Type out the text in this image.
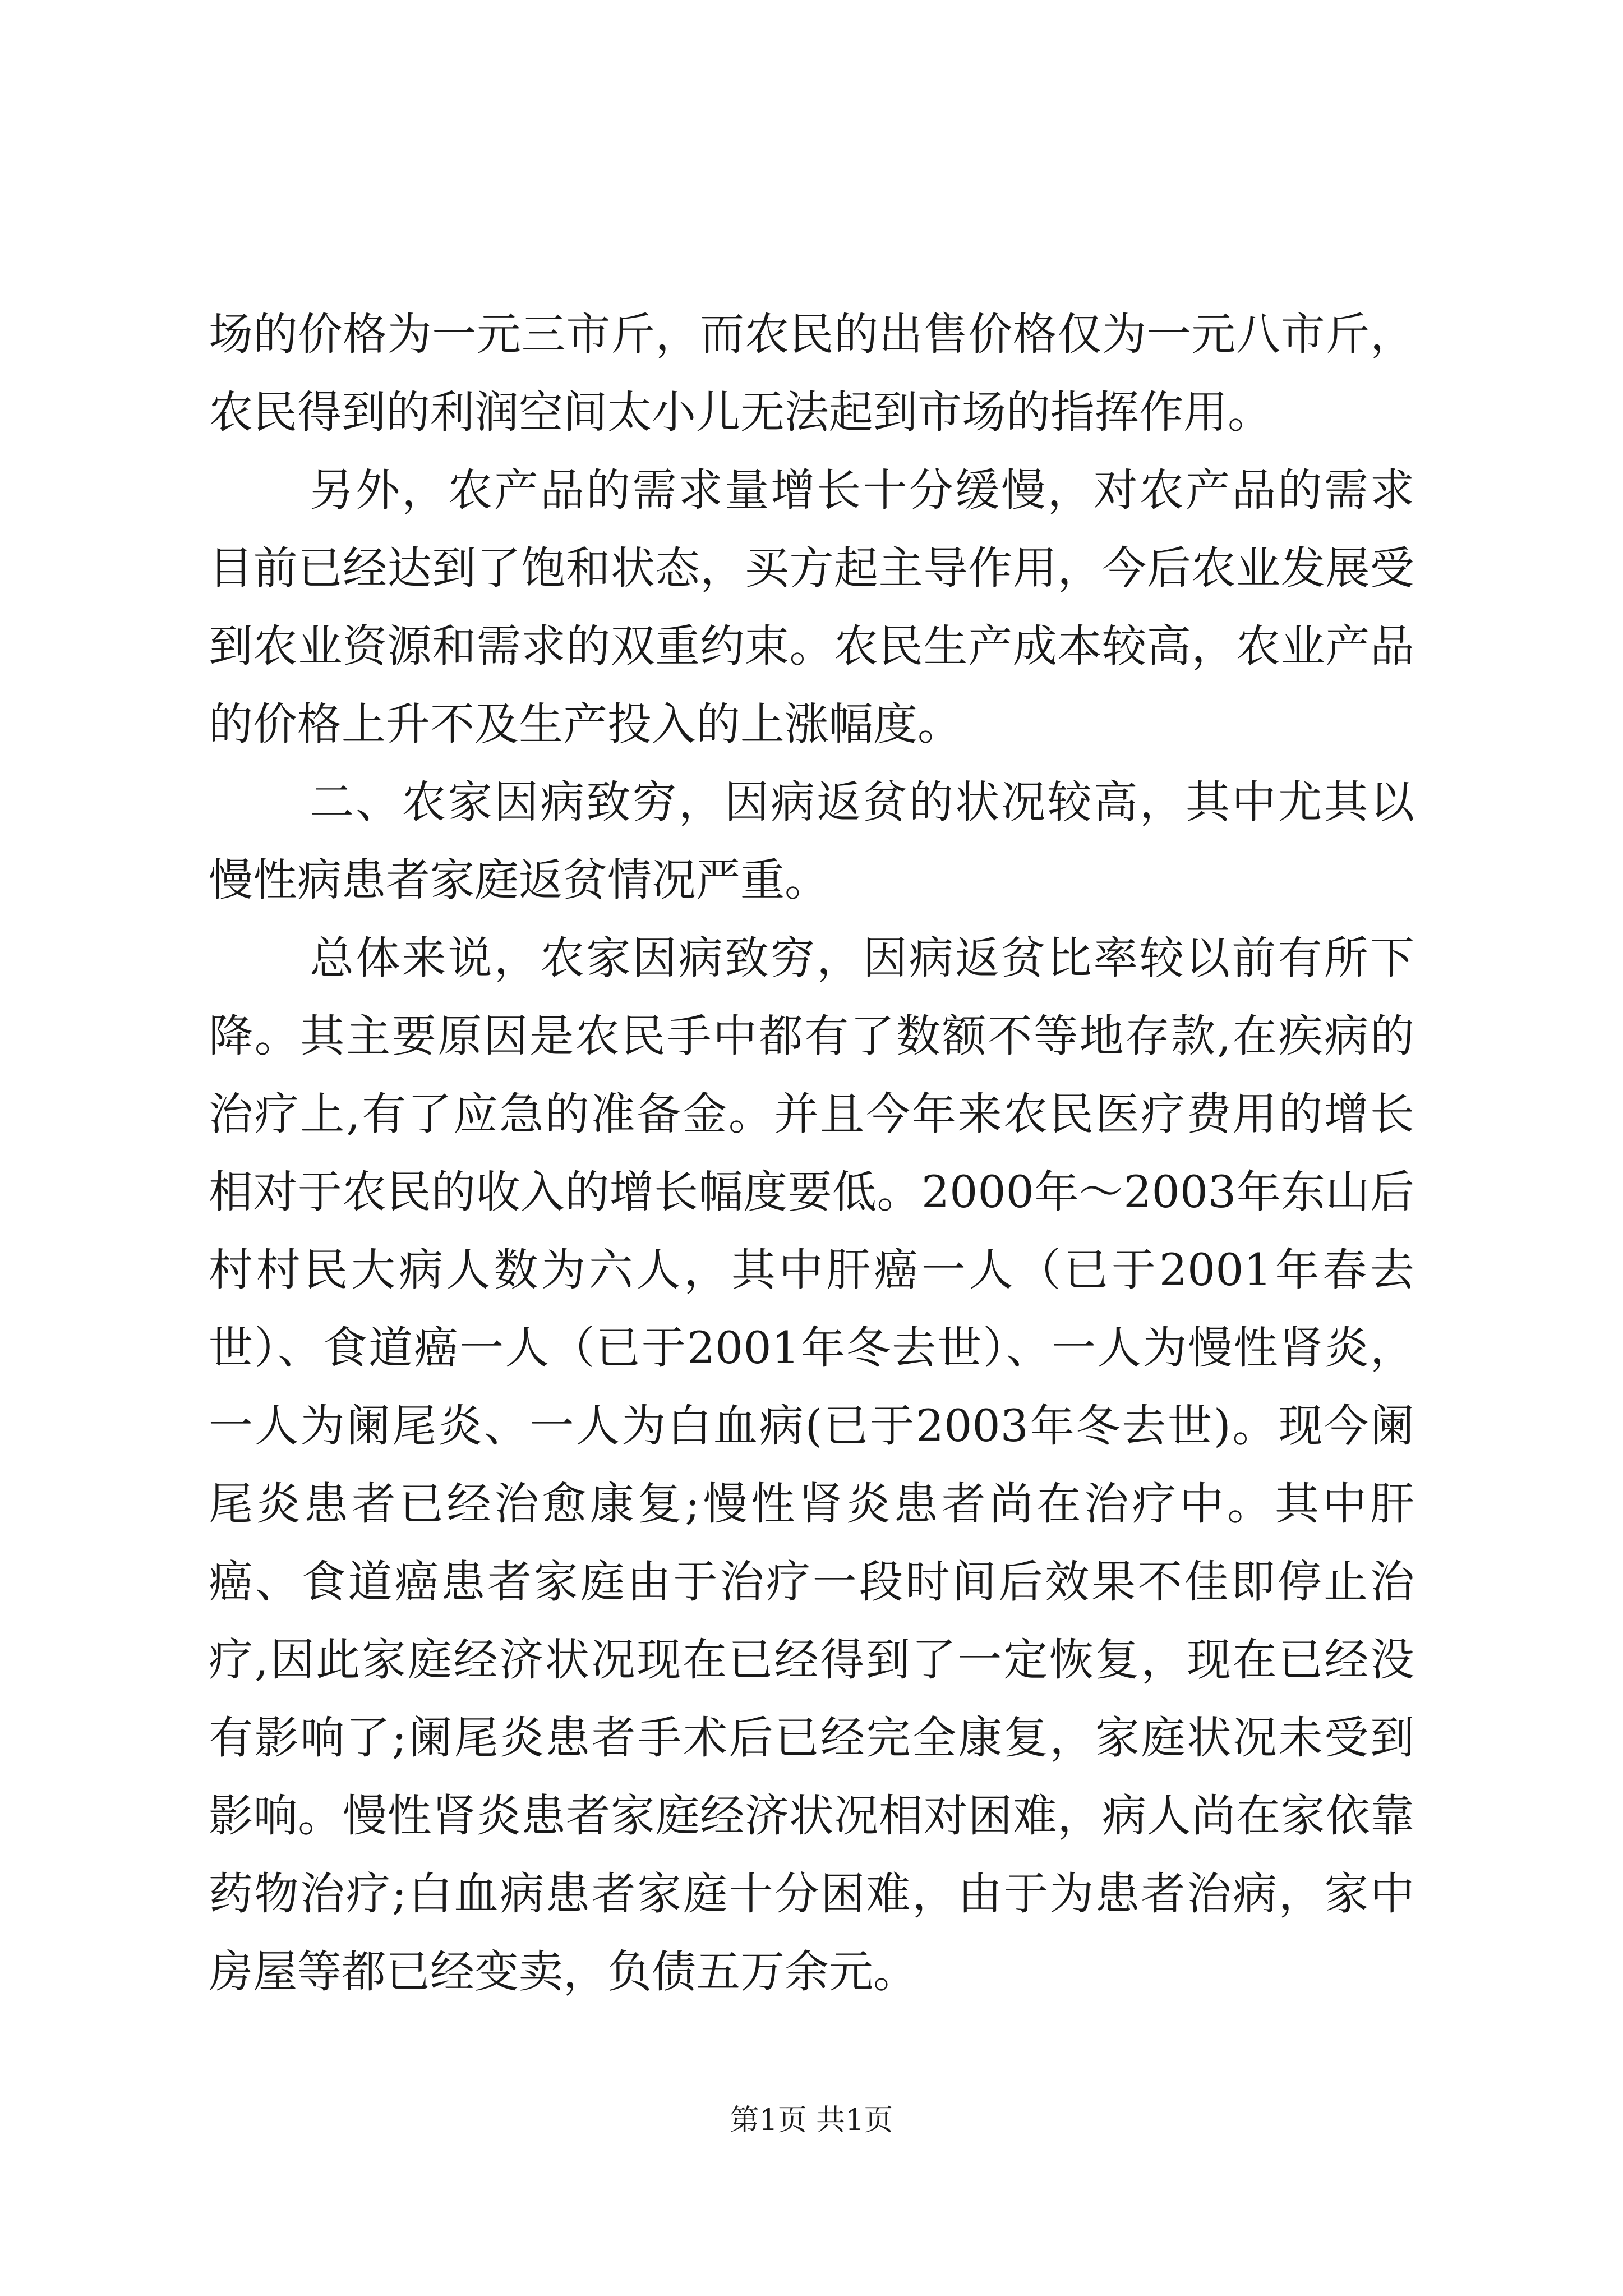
场的价格为一元三市斤，而农民的出售价格仅为一元八市斤，农民得到的利润空间太小儿无法起到市场的指挥作用。

另外，农产品的需求量增长十分缓慢，对农产品的需求目前已经达到了饱和状态，买方起主导作用，今后农业发展受到农业资源和需求的双重约束。农民生产成本较高，农业产品的价格上升不及生产投入的上涨幅度。

二、农家因病致穷，因病返贫的状况较高，其中尤其以慢性病患者家庭返贫情况严重。

总体来说，农家因病致穷，因病返贫比率较以前有所下降。其主要原因是农民手中都有了数额不等地存款,在疾病的治疗上,有了应急的准备金。并且今年来农民医疗费用的增长相对于农民的收入的增长幅度要低。2000年～2003年东山后村村民大病人数为六人，其中肝癌一人（已于2001年春去世）、食道癌一人（已于2001年冬去世）、一人为慢性肾炎，一人为阑尾炎、一人为白血病(已于2003年冬去世)。现今阑尾炎患者已经治愈康复;慢性肾炎患者尚在治疗中。其中肝癌、食道癌患者家庭由于治疗一段时间后效果不佳即停止治疗,因此家庭经济状况现在已经得到了一定恢复，现在已经没有影响了;阑尾炎患者手术后已经完全康复，家庭状况未受到影响。慢性肾炎患者家庭经济状况相对困难，病人尚在家依靠药物治疗;白血病患者家庭十分困难，由于为患者治病，家中房屋等都已经变卖，负债五万余元。

第1页 共1页
